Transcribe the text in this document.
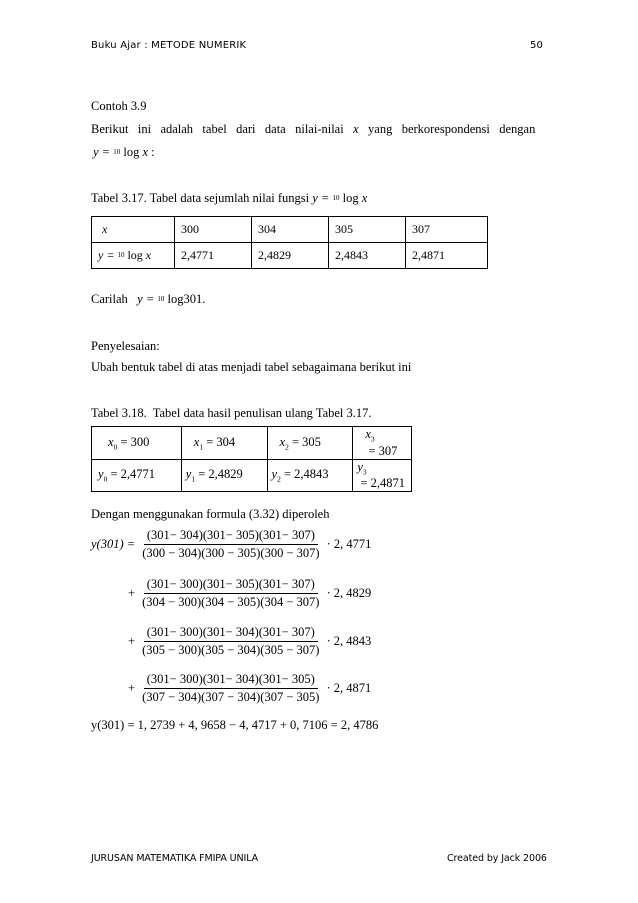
Buku Ajar : METODE NUMERIK	50
Contoh 3.9
Berikut   ini   adalah   tabel   dari   data   nilai-nilai x yang   berkorespondensi   dengan
y = $^{10}$ log x :
Tabel 3.17. Tabel data sejumlah nilai fungsi y = $^{10}$ log x
x	300	304	305	307
y = $^{10}$ log x	2,4771	2,4829	2,4843	2,4871
Carilah   y = $^{10}$ log301.
Penyelesaian:
Ubah bentuk tabel di atas menjadi tabel sebagaimana berikut ini
Tabel 3.18.  Tabel data hasil penulisan ulang Tabel 3.17.
$x_0 = 300$	$x_1 = 304$	$x_2 = 305$	$x_3 = 307$
$y_0 = 2,4771$	$y_1 = 2,4829$	$y_2 = 2,4843$	$y_3 = 2,4871$
Dengan menggunakan formula (3.32) diperoleh
$y(301) = \frac{(301- 304)(301- 305)(301- 307)}{(300 - 304)(300 - 305)(300 - 307)} \cdot 2$, 4771
+ $\frac{(301- 300)(301- 305)(301- 307)}{(304 - 300)(304 - 305)(304 - 307)} \cdot 2$, 4829
+ $\frac{(301- 300)(301- 304)(301- 307)}{(305 - 300)(305 - 304)(305 - 307)} \cdot 2$, 4843
+ $\frac{(301- 300)(301- 304)(301- 305)}{(307 - 304)(307 - 304)(307 - 305)} \cdot 2$, 4871
y(301) = 1, 2739 + 4, 9658 − 4, 4717 + 0, 7106 = 2, 4786
JURUSAN MATEMATIKA FMIPA UNILA	Created by Jack 2006
